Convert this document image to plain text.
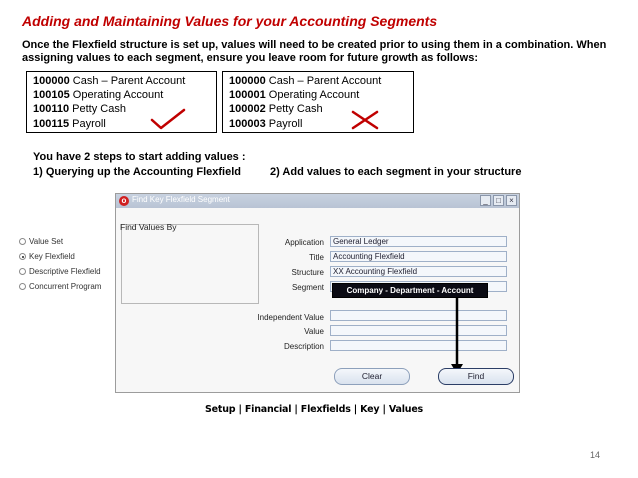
Adding and Maintaining Values for your Accounting Segments
Once the Flexfield structure is set up, values will need to be created prior to using them in a combination. When assigning values to each segment, ensure you leave room for future growth as follows:
100000 Cash – Parent Account
100105 Operating Account
100110 Petty Cash
100115 Payroll
100000 Cash – Parent Account
100001 Operating Account
100002 Petty Cash
100003 Payroll
You have 2 steps to start adding values :
1) Querying up the Accounting Flexfield	2) Add values to each segment in your structure
o Find Key Flexfield Segment	_	□	×
Find Values By
Value Set
Key Flexfield
Descriptive Flexfield
Concurrent Program
Application	General Ledger
Title	Accounting Flexfield
Structure	XX Accounting Flexfield
Segment
Independent Value
Value
Description
Company - Department - Account
Clear	Find
Setup | Financial | Flexfields | Key | Values
14
